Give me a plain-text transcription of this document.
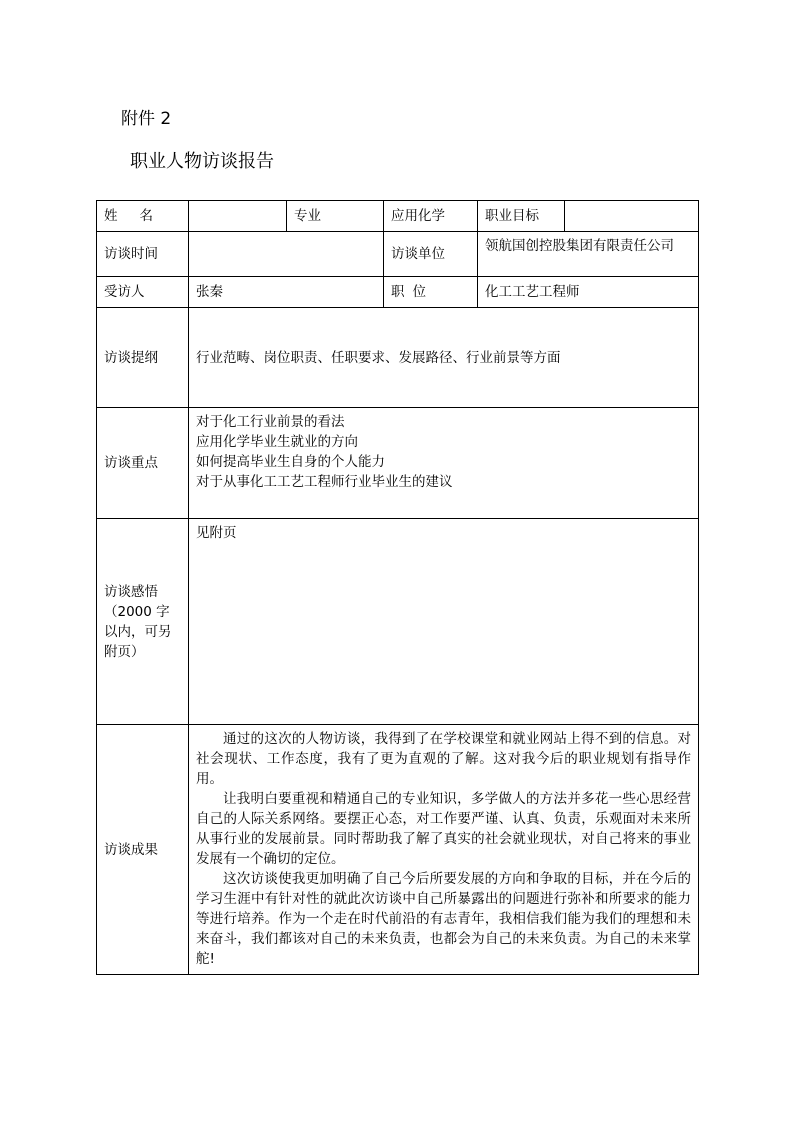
附件 2
职业人物访谈报告
姓 名		专业	应用化学	职业目标	
访谈时间			访谈单位	领航国创控股集团有限责任公司	
受访人	张秦		职 位	化工工艺工程师	
访谈提纲	行业范畴、岗位职责、任职要求、发展路径、行业前景等方面				
访谈重点	对于化工行业前景的看法
应用化学毕业生就业的方向
如何提高毕业生自身的个人能力
对于从事化工工艺工程师行业毕业生的建议				

访谈感悟
（2000 字以内，可另附页）	见附页				
访谈成果	通过的这次的人物访谈，我得到了在学校课堂和就业网站上得不到的信息。对社会现状、工作态度，我有了更为直观的了解。这对我今后的职业规划有指导作用。
让我明白要重视和精通自己的专业知识，多学做人的方法并多花一些心思经营自己的人际关系网络。要摆正心态，对工作要严谨、认真、负责，乐观面对未来所从事行业的发展前景。同时帮助我了解了真实的社会就业现状，对自己将来的事业发展有一个确切的定位。
这次访谈使我更加明确了自己今后所要发展的方向和争取的目标，并在今后的学习生涯中有针对性的就此次访谈中自己所暴露出的问题进行弥补和所要求的能力等进行培养。作为一个走在时代前沿的有志青年，我相信我们能为我们的理想和未来奋斗，我们都该对自己的未来负责，也都会为自己的未来负责。为自己的未来掌舵!				
